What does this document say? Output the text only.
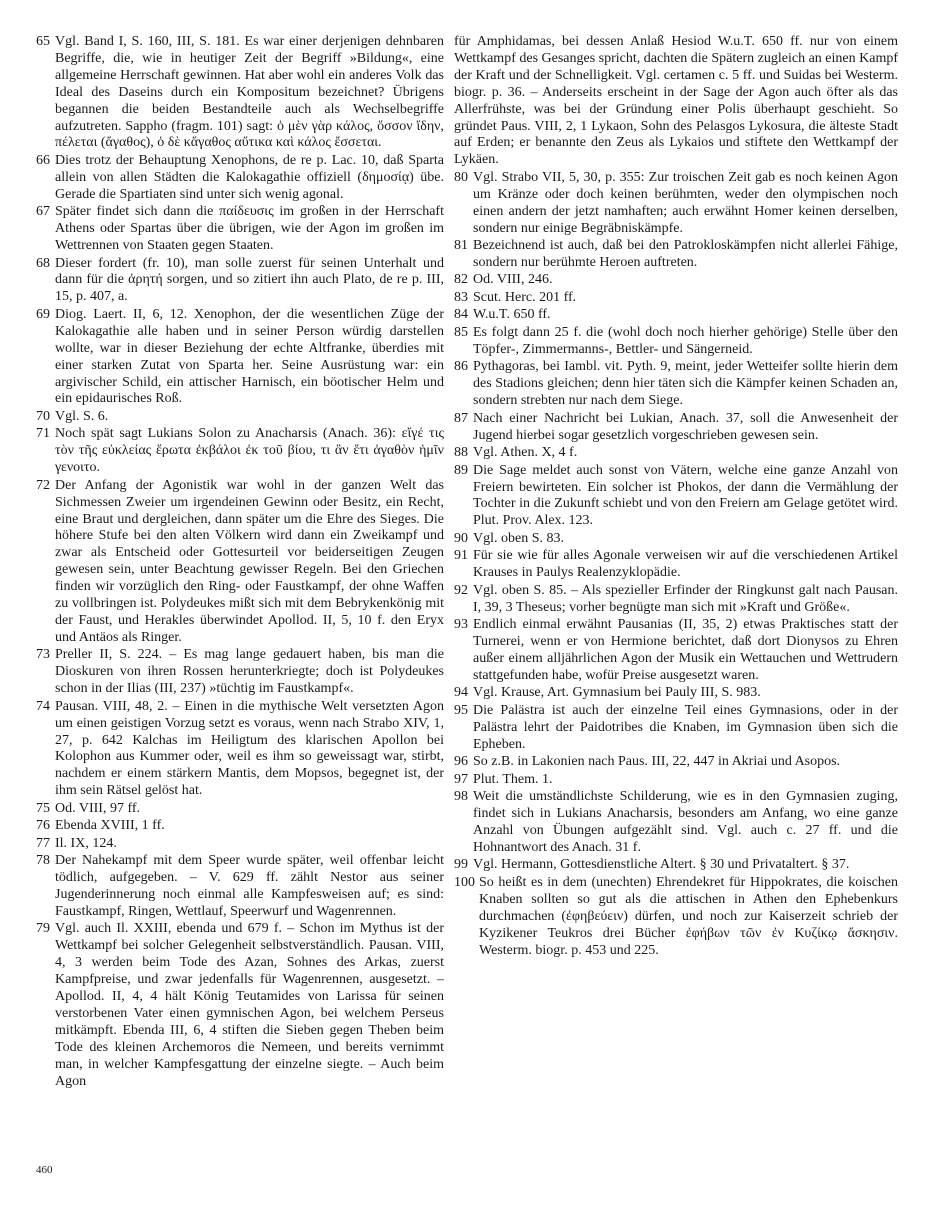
65 Vgl. Band I, S. 160, III, S. 181. Es war einer derjenigen dehnbaren Begriffe, die, wie in heutiger Zeit der Begriff »Bildung«, eine allgemeine Herrschaft gewinnen. Hat aber wohl ein anderes Volk das Ideal des Daseins durch ein Kompositum bezeichnet? Übrigens begannen die beiden Bestandteile auch als Wechselbegriffe aufzutreten. Sappho (fragm. 101) sagt: ὁ μὲν γὰρ κάλος, ὅσσον ἴδην, πέλεται (ἄγαθος), ὁ δὲ κἄγαθος αὔτικα καὶ κάλος ἔσσεται.

66 Dies trotz der Behauptung Xenophons, de re p. Lac. 10, daß Sparta allein von allen Städten die Kalokagathie offiziell (δημοσίᾳ) übe. Gerade die Spartiaten sind unter sich wenig agonal.

67 Später findet sich dann die παίδευσις im großen in der Herrschaft Athens oder Spartas über die übrigen, wie der Agon im großen im Wettrennen von Staaten gegen Staaten.

68 Dieser fordert (fr. 10), man solle zuerst für seinen Unterhalt und dann für die ἀρητή sorgen, und so zitiert ihn auch Plato, de re p. III, 15, p. 407, a.

69 Diog. Laert. II, 6, 12. Xenophon, der die wesentlichen Züge der Kalokagathie alle haben und in seiner Person würdig darstellen wollte, war in dieser Beziehung der echte Altfranke, überdies mit einer starken Zutat von Sparta her. Seine Ausrüstung war: ein argivischer Schild, ein attischer Harnisch, ein böotischer Helm und ein epidaurisches Roß.

70 Vgl. S. 6.

71 Noch spät sagt Lukians Solon zu Anacharsis (Anach. 36): εἴγέ τις τὸν τῆς εὐκλείας ἔρωτα ἐκβάλοι ἐκ τοῦ βίου, τι ἂν ἔτι ἀγαθὸν ἡμῖν γενοιτο.

72 Der Anfang der Agonistik war wohl in der ganzen Welt das Sichmessen Zweier um irgendeinen Gewinn oder Besitz, ein Recht, eine Braut und dergleichen, dann später um die Ehre des Sieges. Die höhere Stufe bei den alten Völkern wird dann ein Zweikampf und zwar als Entscheid oder Gottesurteil vor beiderseitigen Zeugen gewesen sein, unter Beachtung gewisser Regeln. Bei den Griechen finden wir vorzüglich den Ring- oder Faustkampf, der ohne Waffen zu vollbringen ist. Polydeukes mißt sich mit dem Bebrykenkönig mit der Faust, und Herakles überwindet Apollod. II, 5, 10 f. den Eryx und Antäos als Ringer.

73 Preller II, S. 224. – Es mag lange gedauert haben, bis man die Dioskuren von ihren Rossen herunterkriegte; doch ist Polydeukes schon in der Ilias (III, 237) »tüchtig im Faustkampf«.

74 Pausan. VIII, 48, 2. – Einen in die mythische Welt versetzten Agon um einen geistigen Vorzug setzt es voraus, wenn nach Strabo XIV, 1, 27, p. 642 Kalchas im Heiligtum des klarischen Apollon bei Kolophon aus Kummer oder, weil es ihm so geweissagt war, stirbt, nachdem er einem stärkern Mantis, dem Mopsos, begegnet ist, der ihm sein Rätsel gelöst hat.

75 Od. VIII, 97 ff.

76 Ebenda XVIII, 1 ff.

77 Il. IX, 124.

78 Der Nahekampf mit dem Speer wurde später, weil offenbar leicht tödlich, aufgegeben. – V. 629 ff. zählt Nestor aus seiner Jugenderinnerung noch einmal alle Kampfesweisen auf; es sind: Faustkampf, Ringen, Wettlauf, Speerwurf und Wagenrennen.

79 Vgl. auch Il. XXIII, ebenda und 679 f. – Schon im Mythus ist der Wettkampf bei solcher Gelegenheit selbstverständlich. Pausan. VIII, 4, 3 werden beim Tode des Azan, Sohnes des Arkas, zuerst Kampfpreise, und zwar jedenfalls für Wagenrennen, ausgesetzt. – Apollod. II, 4, 4 hält König Teutamides von Larissa für seinen verstorbenen Vater einen gymnischen Agon, bei welchem Perseus mitkämpft. Ebenda III, 6, 4 stiften die Sieben gegen Theben beim Tode des kleinen Archemoros die Nemeen, und bereits vernimmt man, in welcher Kampfesgattung der einzelne siegte. – Auch beim Agon

für Amphidamas, bei dessen Anlaß Hesiod W.u.T. 650 ff. nur von einem Wettkampf des Gesanges spricht, dachten die Spätern zugleich an einen Kampf der Kraft und der Schnelligkeit. Vgl. certamen c. 5 ff. und Suidas bei Westerm. biogr. p. 36. – Anderseits erscheint in der Sage der Agon auch öfter als das Allerfrühste, was bei der Gründung einer Polis überhaupt geschieht. So gründet Paus. VIII, 2, 1 Lykaon, Sohn des Pelasgos Lykosura, die älteste Stadt auf Erden; er benannte den Zeus als Lykaios und stiftete den Wettkampf der Lykäen.

80 Vgl. Strabo VII, 5, 30, p. 355: Zur troischen Zeit gab es noch keinen Agon um Kränze oder doch keinen berühmten, weder den olympischen noch einen andern der jetzt namhaften; auch erwähnt Homer keinen derselben, sondern nur einige Begräbniskämpfe.

81 Bezeichnend ist auch, daß bei den Patrokloskämpfen nicht allerlei Fähige, sondern nur berühmte Heroen auftreten.

82 Od. VIII, 246.

83 Scut. Herc. 201 ff.

84 W.u.T. 650 ff.

85 Es folgt dann 25 f. die (wohl doch noch hierher gehörige) Stelle über den Töpfer-, Zimmermanns-, Bettler- und Sängerneid.

86 Pythagoras, bei Iambl. vit. Pyth. 9, meint, jeder Wetteifer sollte hierin dem des Stadions gleichen; denn hier täten sich die Kämpfer keinen Schaden an, sondern strebten nur nach dem Siege.

87 Nach einer Nachricht bei Lukian, Anach. 37, soll die Anwesenheit der Jugend hierbei sogar gesetzlich vorgeschrieben gewesen sein.

88 Vgl. Athen. X, 4 f.

89 Die Sage meldet auch sonst von Vätern, welche eine ganze Anzahl von Freiern bewirteten. Ein solcher ist Phokos, der dann die Vermählung der Tochter in die Zukunft schiebt und von den Freiern am Gelage getötet wird. Plut. Prov. Alex. 123.

90 Vgl. oben S. 83.

91 Für sie wie für alles Agonale verweisen wir auf die verschiedenen Artikel Krauses in Paulys Realenzyklopädie.

92 Vgl. oben S. 85. – Als spezieller Erfinder der Ringkunst galt nach Pausan. I, 39, 3 Theseus; vorher begnügte man sich mit »Kraft und Größe«.

93 Endlich einmal erwähnt Pausanias (II, 35, 2) etwas Praktisches statt der Turnerei, wenn er von Hermione berichtet, daß dort Dionysos zu Ehren außer einem alljährlichen Agon der Musik ein Wettauchen und Wettrudern stattgefunden habe, wofür Preise ausgesetzt waren.

94 Vgl. Krause, Art. Gymnasium bei Pauly III, S. 983.

95 Die Palästra ist auch der einzelne Teil eines Gymnasions, oder in der Palästra lehrt der Paidotribes die Knaben, im Gymnasion üben sich die Epheben.

96 So z.B. in Lakonien nach Paus. III, 22, 447 in Akriai und Asopos.

97 Plut. Them. 1.

98 Weit die umständlichste Schilderung, wie es in den Gymnasien zuging, findet sich in Lukians Anacharsis, besonders am Anfang, wo eine ganze Anzahl von Übungen aufgezählt sind. Vgl. auch c. 27 ff. und die Hohnantwort des Anach. 31 f.

99 Vgl. Hermann, Gottesdienstliche Altert. § 30 und Privataltert. § 37.

100 So heißt es in dem (unechten) Ehrendekret für Hippokrates, die koischen Knaben sollten so gut als die attischen in Athen den Ephebenkurs durchmachen (ἐφηβεύειν) dürfen, und noch zur Kaiserzeit schrieb der Kyzikener Teukros drei Bücher ἐφήβων τῶν ἐν Κυζίκῳ ἄσκησιν. Westerm. biogr. p. 453 und 225.

460
